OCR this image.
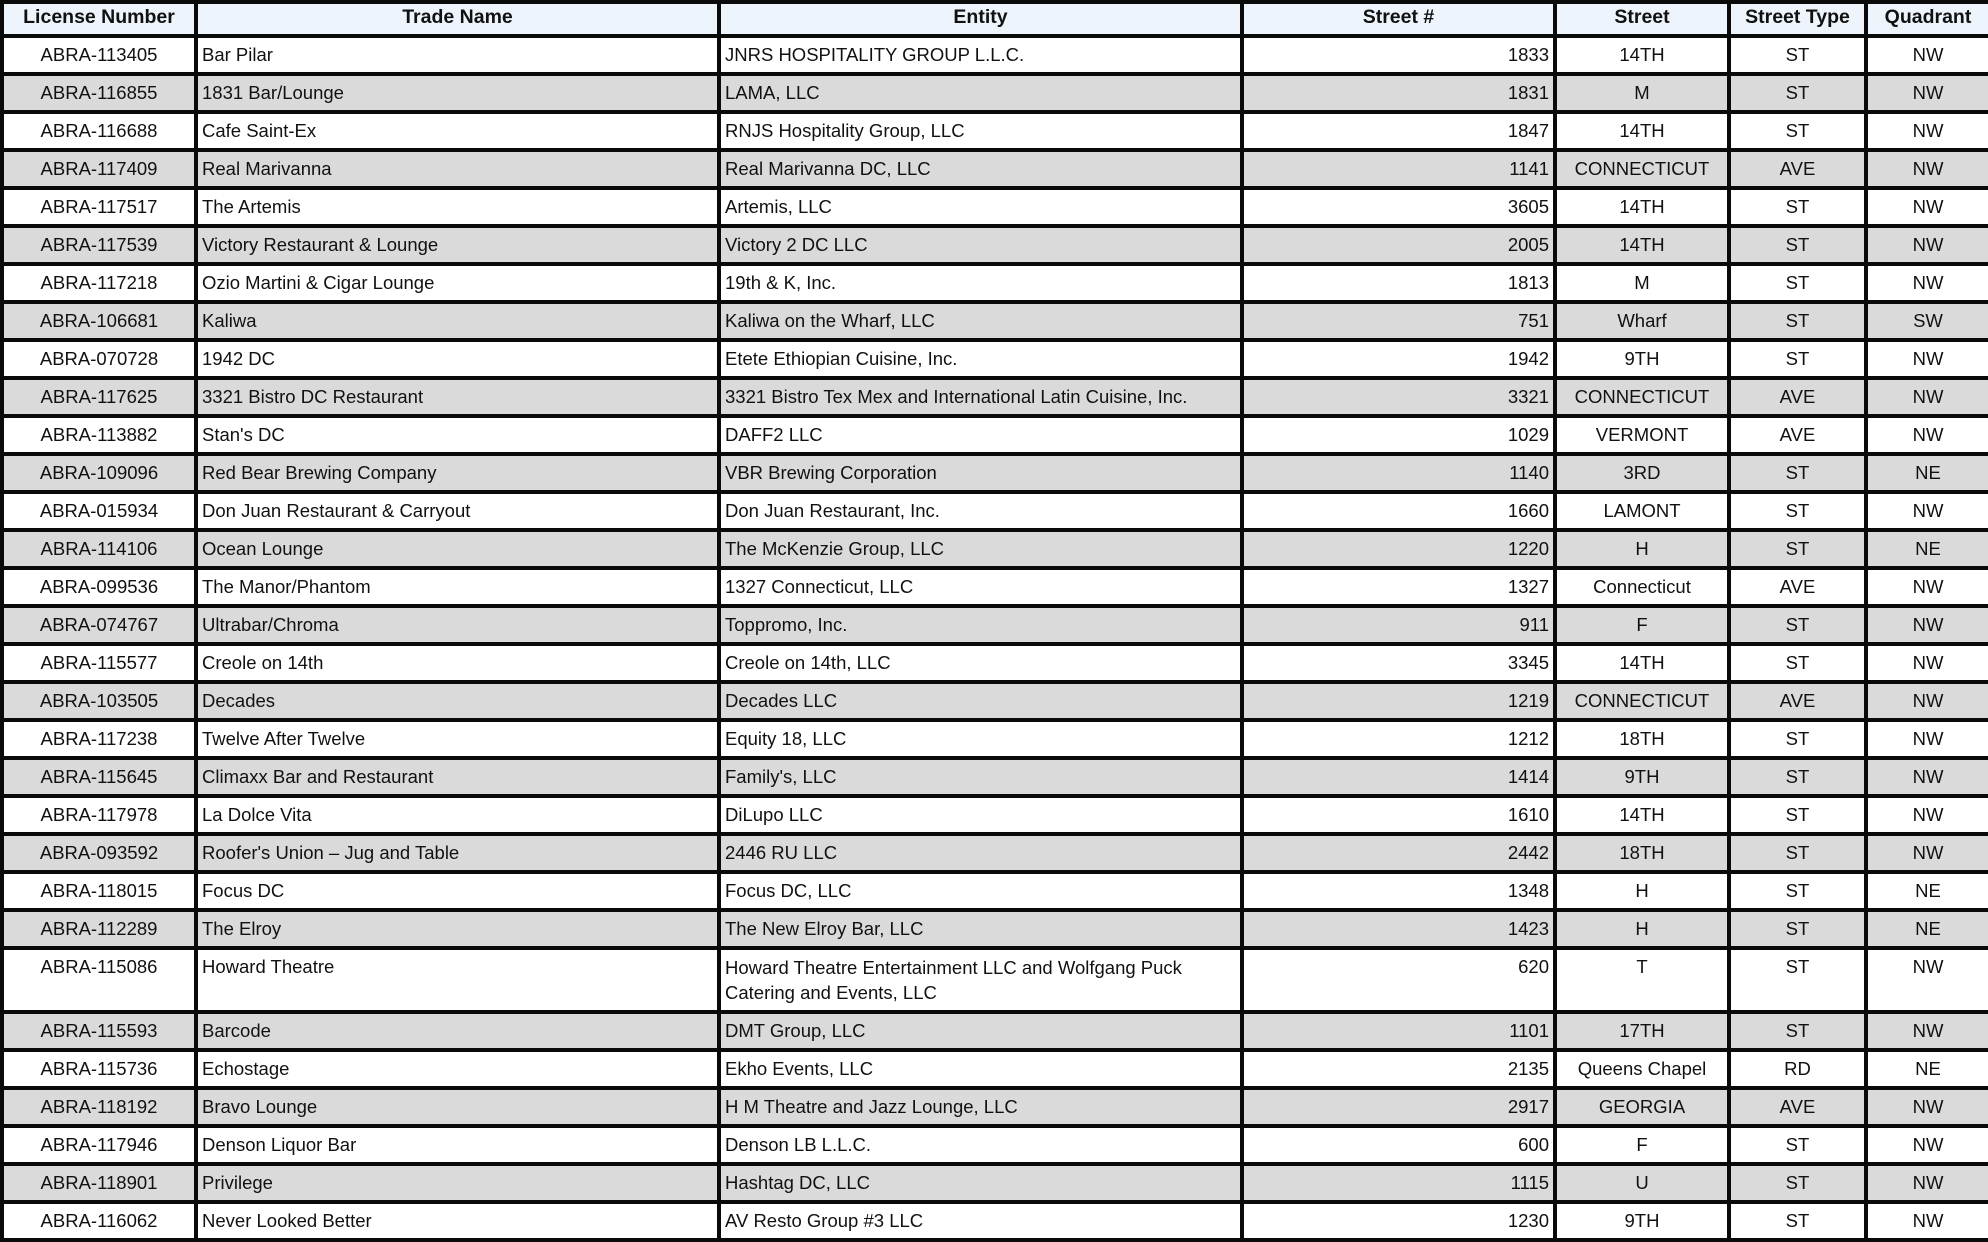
License Number	Trade Name	Entity	Street #	Street	Street Type	Quadrant
ABRA-113405	Bar Pilar	JNRS HOSPITALITY GROUP L.L.C.	1833	14TH	ST	NW
ABRA-116855	1831 Bar/Lounge	LAMA, LLC	1831	M	ST	NW
ABRA-116688	Cafe Saint-Ex	RNJS Hospitality Group, LLC	1847	14TH	ST	NW
ABRA-117409	Real Marivanna	Real Marivanna DC, LLC	1141	CONNECTICUT	AVE	NW
ABRA-117517	The Artemis	Artemis, LLC	3605	14TH	ST	NW
ABRA-117539	Victory Restaurant & Lounge	Victory 2 DC LLC	2005	14TH	ST	NW
ABRA-117218	Ozio Martini & Cigar Lounge	19th & K, Inc.	1813	M	ST	NW
ABRA-106681	Kaliwa	Kaliwa on the Wharf, LLC	751	Wharf	ST	SW
ABRA-070728	1942 DC	Etete Ethiopian Cuisine, Inc.	1942	9TH	ST	NW
ABRA-117625	3321 Bistro DC Restaurant	3321 Bistro Tex Mex and International Latin Cuisine, Inc.	3321	CONNECTICUT	AVE	NW
ABRA-113882	Stan's DC	DAFF2 LLC	1029	VERMONT	AVE	NW
ABRA-109096	Red Bear Brewing Company	VBR Brewing Corporation	1140	3RD	ST	NE
ABRA-015934	Don Juan Restaurant & Carryout	Don Juan Restaurant, Inc.	1660	LAMONT	ST	NW
ABRA-114106	Ocean Lounge	The McKenzie Group, LLC	1220	H	ST	NE
ABRA-099536	The Manor/Phantom	1327 Connecticut, LLC	1327	Connecticut	AVE	NW
ABRA-074767	Ultrabar/Chroma	Toppromo, Inc.	911	F	ST	NW
ABRA-115577	Creole on 14th	Creole on 14th, LLC	3345	14TH	ST	NW
ABRA-103505	Decades	Decades LLC	1219	CONNECTICUT	AVE	NW
ABRA-117238	Twelve After Twelve	Equity 18, LLC	1212	18TH	ST	NW
ABRA-115645	Climaxx Bar and Restaurant	Family's, LLC	1414	9TH	ST	NW
ABRA-117978	La Dolce Vita	DiLupo LLC	1610	14TH	ST	NW
ABRA-093592	Roofer's Union – Jug and Table	2446 RU LLC	2442	18TH	ST	NW
ABRA-118015	Focus DC	Focus DC, LLC	1348	H	ST	NE
ABRA-112289	The Elroy	The New Elroy Bar, LLC	1423	H	ST	NE
ABRA-115086	Howard Theatre	Howard Theatre Entertainment LLC and Wolfgang Puck Catering and Events, LLC	620	T	ST	NW
ABRA-115593	Barcode	DMT Group, LLC	1101	17TH	ST	NW
ABRA-115736	Echostage	Ekho Events, LLC	2135	Queens Chapel	RD	NE
ABRA-118192	Bravo Lounge	H M Theatre and Jazz Lounge, LLC	2917	GEORGIA	AVE	NW
ABRA-117946	Denson Liquor Bar	Denson LB L.L.C.	600	F	ST	NW
ABRA-118901	Privilege	Hashtag DC, LLC	1115	U	ST	NW
ABRA-116062	Never Looked Better	AV Resto Group #3 LLC	1230	9TH	ST	NW
